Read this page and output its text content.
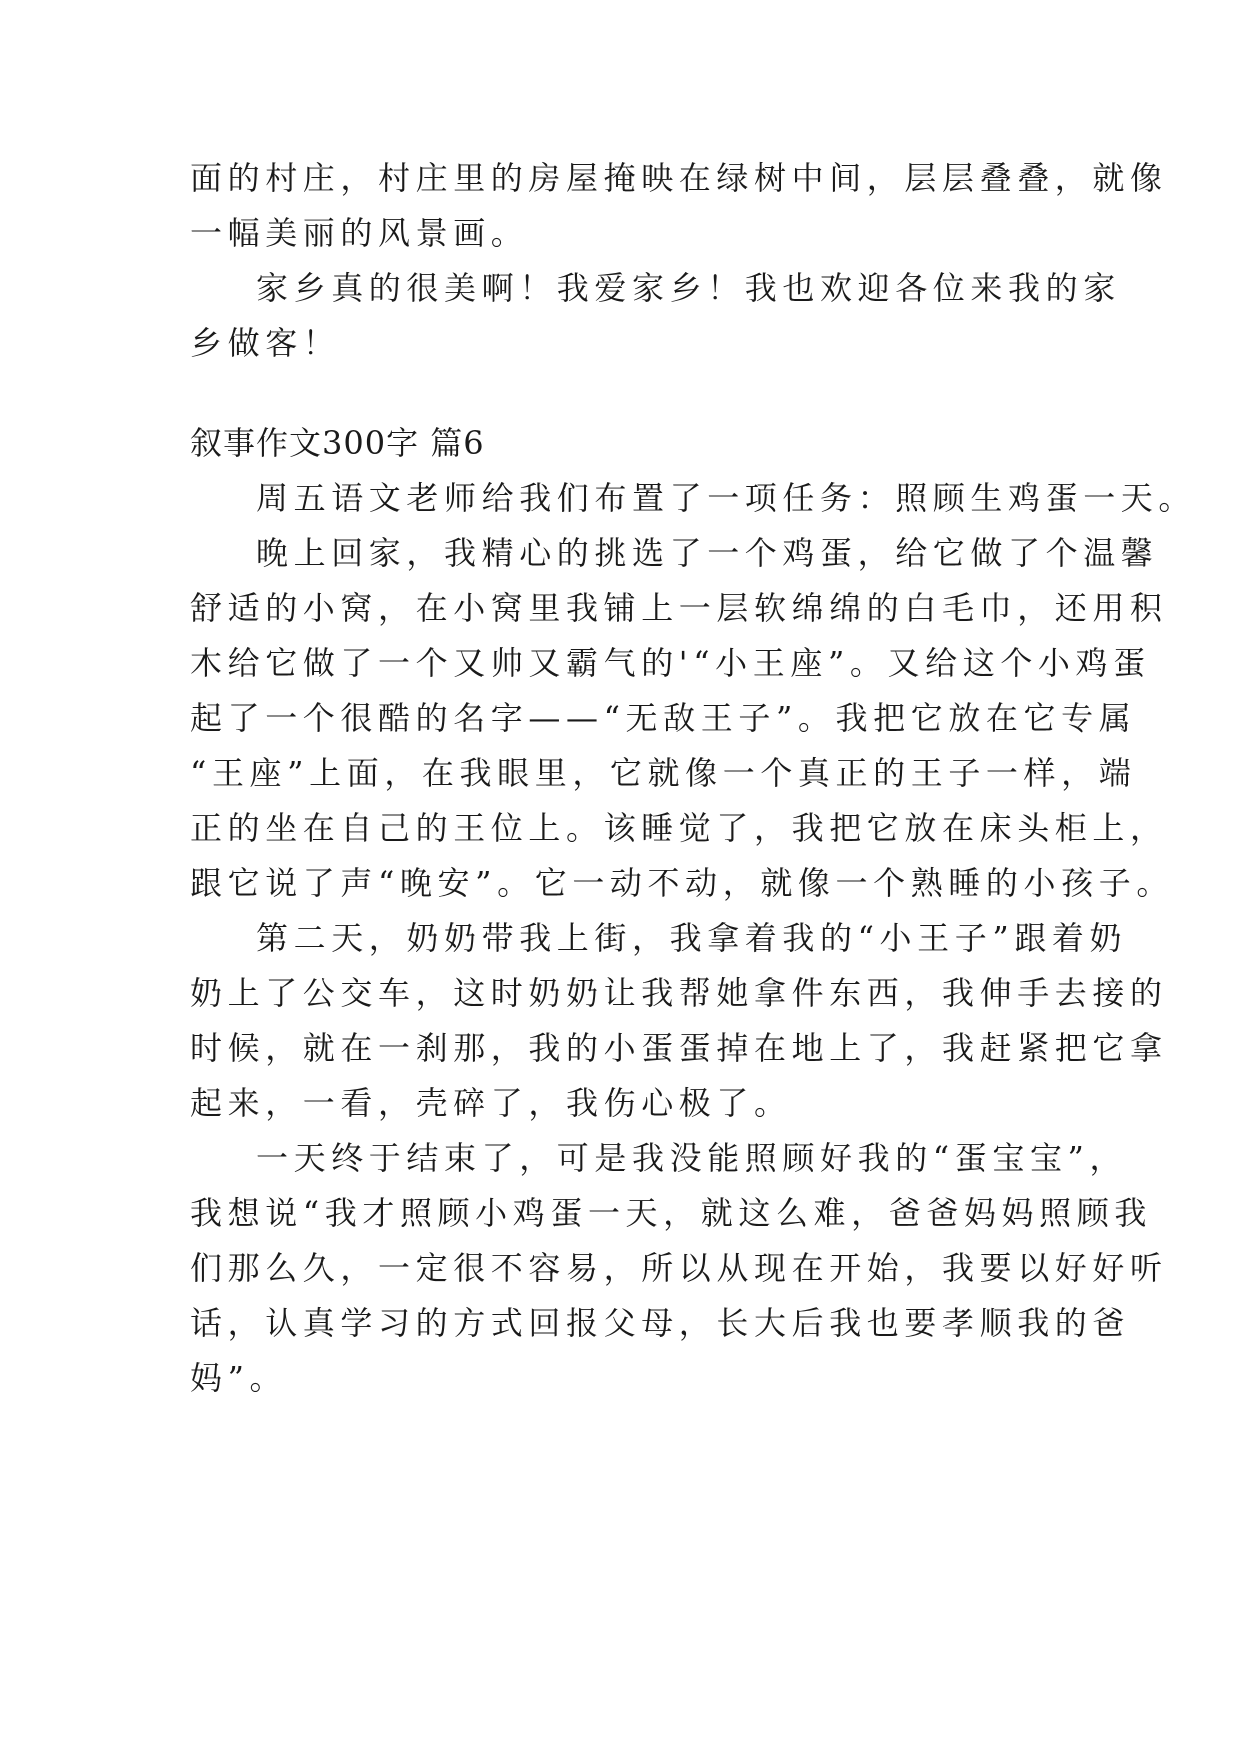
面的村庄，村庄里的房屋掩映在绿树中间，层层叠叠，就像
一幅美丽的风景画。
家乡真的很美啊！我爱家乡！我也欢迎各位来我的家
乡做客！
叙事作文300字 篇6
周五语文老师给我们布置了一项任务：照顾生鸡蛋一天。
晚上回家，我精心的挑选了一个鸡蛋，给它做了个温馨
舒适的小窝，在小窝里我铺上一层软绵绵的白毛巾，还用积
木给它做了一个又帅又霸气的'“小王座”。又给这个小鸡蛋
起了一个很酷的名字——“无敌王子”。我把它放在它专属
“王座”上面，在我眼里，它就像一个真正的王子一样，端
正的坐在自己的王位上。该睡觉了，我把它放在床头柜上，
跟它说了声“晚安”。它一动不动，就像一个熟睡的小孩子。
第二天，奶奶带我上街，我拿着我的“小王子”跟着奶
奶上了公交车，这时奶奶让我帮她拿件东西，我伸手去接的
时候，就在一刹那，我的小蛋蛋掉在地上了，我赶紧把它拿
起来，一看，壳碎了，我伤心极了。
一天终于结束了，可是我没能照顾好我的“蛋宝宝”，
我想说“我才照顾小鸡蛋一天，就这么难，爸爸妈妈照顾我
们那么久，一定很不容易，所以从现在开始，我要以好好听
话，认真学习的方式回报父母，长大后我也要孝顺我的爸
妈”。
